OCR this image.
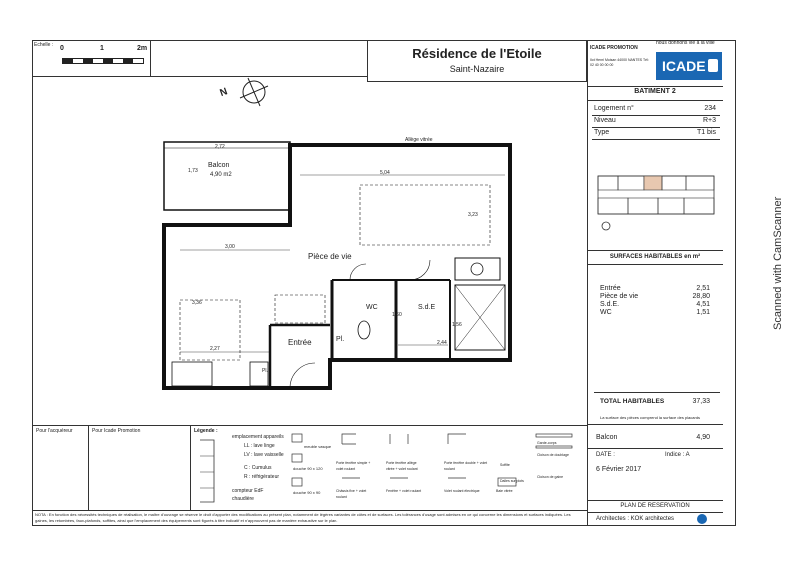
Echelle : 0	1	2m	Résidence de l'Etoile
Saint-Nazaire
N
ICADE PROMOTION
nous donnons vie à la ville
Ilot Henri Moisan 44000 NANTES Tél: 02 40 00 00 00	ICADE
BATIMENT 2
Logement n°	234
Niveau	R+3
Type	T1 bis
SURFACES HABITABLES en m²
Entrée	2,51
Pièce de vie	28,80
S.d.E.	4,51
WC	1,51
TOTAL HABITABLES	37,33
La surface des pièces comprend la surface des placards
Balcon	4,90
DATE :	Indice : A
6 Février 2017
PLAN DE RESERVATION
Architectes : KOK architectes
Balcon
4,90 m2
Pièce de vie
WC	S.d.E
Entrée	Pl.
Pl.
Allège vitrée
2,72
5,04
3,23
3,00
3,36
2,27
2,44
1,73
1,60
1,56
Pour l'acquéreur	Pour Icade Promotion	Légende :
emplacement appareils
LL : lave linge
LV : lave vaisselle
C : Cumulus
R : réfrigérateur
compteur EdF
chaudière
meuble vasque
douche 90 x 120
douche 90 x 90
Porte fenêtre simple + volet roulant
Porte fenêtre allège vitrée + volet roulant
Châssis fixe + volet roulant
Fenêtre + volet roulant
Porte fenêtre double + volet roulant
Volet roulant électrique	Baie vitrée
Soffite
Dalles sur plots
Garde-corps
Cloison de doublage
Cloison de gaine
NOTA : En fonction des nécessités techniques de réalisation, le maître d'ouvrage se réserve le droit d'apporter des modifications au présent plan, notamment de légères variantes de côtes et de surfaces. Les tolérances d'usage sont admises en ce qui concerne les dimensions et surfaces indiquées. Les gaines, les retombées, faux-plafonds, soffites, ainsi que l'emplacement des équipements sont figurés à titre indicatif et n'approuvent pas de manière exhaustive sur le plan.
Scanned with CamScanner
